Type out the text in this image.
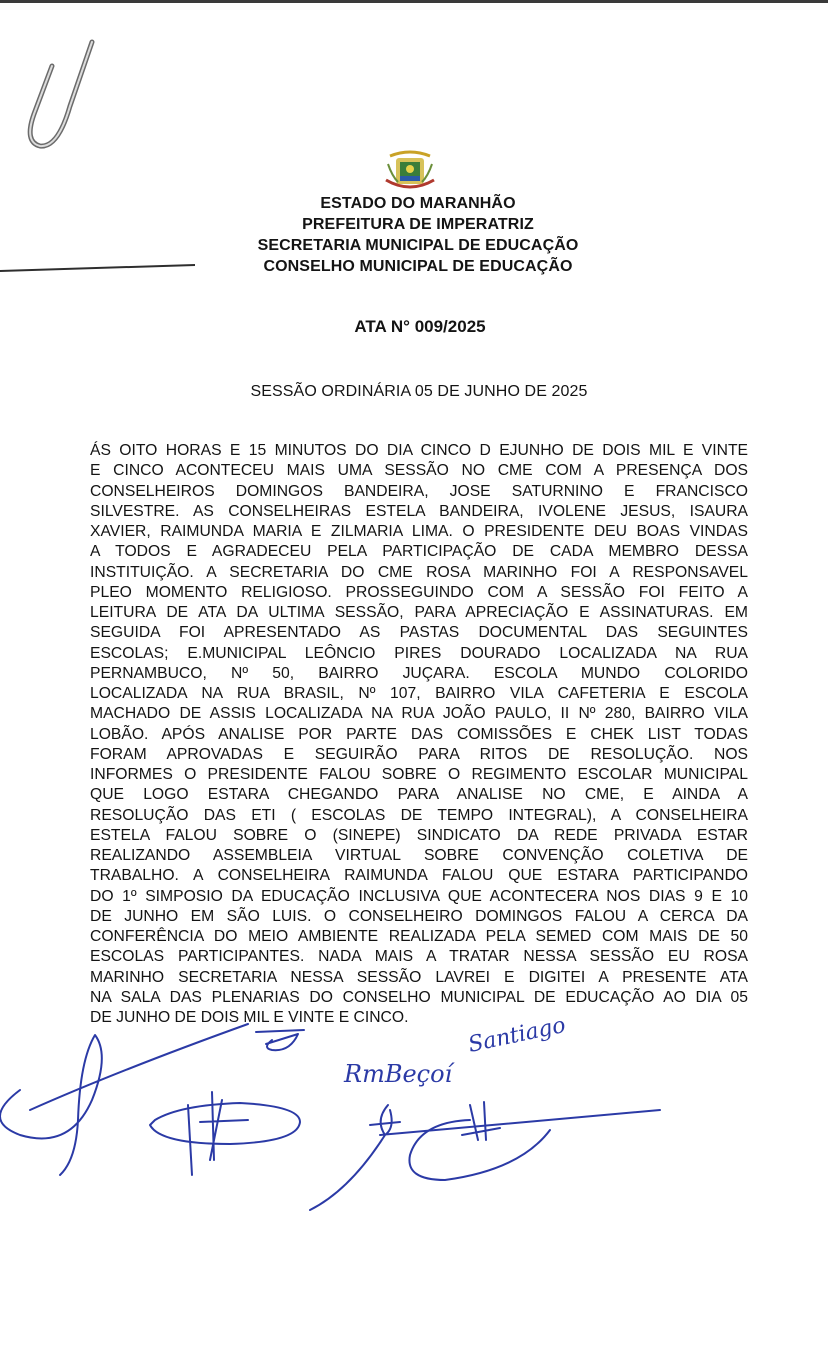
ESTADO DO MARANHÃO
PREFEITURA DE IMPERATRIZ
SECRETARIA MUNICIPAL DE EDUCAÇÃO
CONSELHO MUNICIPAL DE EDUCAÇÃO
ATA N° 009/2025
SESSÃO ORDINÁRIA 05 DE JUNHO DE 2025
ÁS OITO HORAS E 15 MINUTOS DO DIA CINCO D EJUNHO DE DOIS MIL E VINTE
E CINCO ACONTECEU MAIS UMA SESSÃO NO CME COM A PRESENÇA DOS
CONSELHEIROS DOMINGOS BANDEIRA, JOSE SATURNINO E FRANCISCO
SILVESTRE. AS CONSELHEIRAS ESTELA BANDEIRA, IVOLENE JESUS, ISAURA
XAVIER, RAIMUNDA MARIA E ZILMARIA LIMA. O PRESIDENTE DEU BOAS VINDAS
A TODOS E AGRADECEU PELA PARTICIPAÇÃO DE CADA MEMBRO DESSA
INSTITUIÇÃO. A SECRETARIA DO CME ROSA MARINHO FOI A RESPONSAVEL
PLEO MOMENTO RELIGIOSO. PROSSEGUINDO COM A SESSÃO FOI FEITO A
LEITURA DE ATA DA ULTIMA SESSÃO, PARA APRECIAÇÃO E ASSINATURAS. EM
SEGUIDA FOI APRESENTADO AS PASTAS DOCUMENTAL DAS SEGUINTES
ESCOLAS; E.MUNICIPAL LEÔNCIO PIRES DOURADO LOCALIZADA NA RUA
PERNAMBUCO, Nº 50, BAIRRO JUÇARA. ESCOLA MUNDO COLORIDO
LOCALIZADA NA RUA BRASIL, Nº 107, BAIRRO VILA CAFETERIA E ESCOLA
MACHADO DE ASSIS LOCALIZADA NA RUA JOÃO PAULO, II Nº 280, BAIRRO VILA
LOBÃO. APÓS ANALISE POR PARTE DAS COMISSÕES E CHEK LIST TODAS
FORAM APROVADAS E SEGUIRÃO PARA RITOS DE RESOLUÇÃO. NOS
INFORMES O PRESIDENTE FALOU SOBRE O REGIMENTO ESCOLAR MUNICIPAL
QUE LOGO ESTARA CHEGANDO PARA ANALISE NO CME, E AINDA A
RESOLUÇÃO DAS ETI ( ESCOLAS DE TEMPO INTEGRAL), A CONSELHEIRA
ESTELA FALOU SOBRE O (SINEPE) SINDICATO DA REDE PRIVADA ESTAR
REALIZANDO ASSEMBLEIA VIRTUAL SOBRE CONVENÇÃO COLETIVA DE
TRABALHO. A CONSELHEIRA RAIMUNDA FALOU QUE ESTARA PARTICIPANDO
DO 1º SIMPOSIO DA EDUCAÇÃO INCLUSIVA QUE ACONTECERA NOS DIAS 9 E 10
DE JUNHO EM SÃO LUIS. O CONSELHEIRO DOMINGOS FALOU A CERCA DA
CONFERÊNCIA DO MEIO AMBIENTE REALIZADA PELA SEMED COM MAIS DE 50
ESCOLAS PARTICIPANTES. NADA MAIS A TRATAR NESSA SESSÃO EU ROSA
MARINHO SECRETARIA NESSA SESSÃO LAVREI E DIGITEI A PRESENTE ATA
NA SALA DAS PLENARIAS DO CONSELHO MUNICIPAL DE EDUCAÇÃO AO DIA 05
DE JUNHO DE DOIS MIL E VINTE E CINCO.
RmBeçoí
Santiago
